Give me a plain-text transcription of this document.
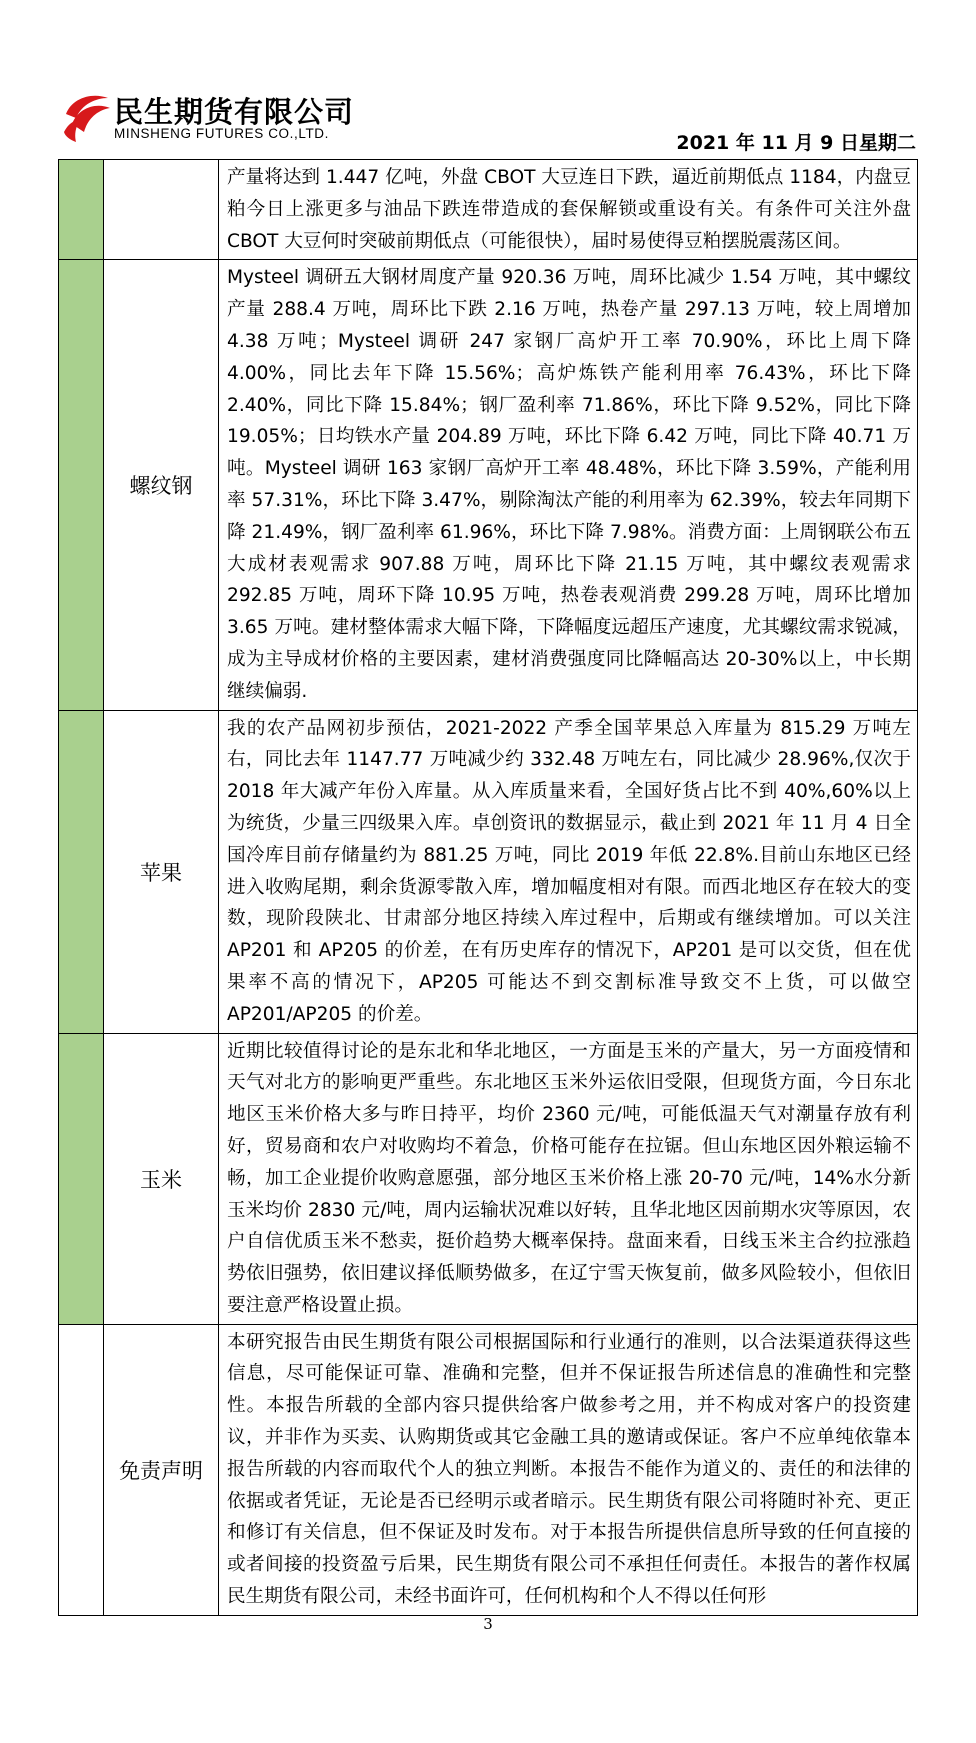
民生期货有限公司
MINSHENG FUTURES CO.,LTD.	2021 年 11 月 9 日星期二
		产量将达到 1.447 亿吨，外盘 CBOT 大豆连日下跌，逼近前期低点 1184，内盘豆粕今日上涨更多与油品下跌连带造成的套保解锁或重设有关。有条件可关注外盘 CBOT 大豆何时突破前期低点（可能很快），届时易使得豆粕摆脱震荡区间。
	螺纹钢	Mysteel 调研五大钢材周度产量 920.36 万吨，周环比减少 1.54 万吨，其中螺纹产量 288.4 万吨，周环比下跌 2.16 万吨，热卷产量 297.13 万吨，较上周增加 4.38 万吨；Mysteel 调研 247 家钢厂高炉开工率 70.90%，环比上周下降 4.00%，同比去年下降 15.56%；高炉炼铁产能利用率 76.43%，环比下降 2.40%，同比下降 15.84%；钢厂盈利率 71.86%，环比下降 9.52%，同比下降 19.05%；日均铁水产量 204.89 万吨，环比下降 6.42 万吨，同比下降 40.71 万吨。Mysteel 调研 163 家钢厂高炉开工率 48.48%，环比下降 3.59%，产能利用率 57.31%，环比下降 3.47%，剔除淘汰产能的利用率为 62.39%，较去年同期下降 21.49%，钢厂盈利率 61.96%，环比下降 7.98%。消费方面：上周钢联公布五大成材表观需求 907.88 万吨，周环比下降 21.15 万吨，其中螺纹表观需求 292.85 万吨，周环下降 10.95 万吨，热卷表观消费 299.28 万吨，周环比增加 3.65 万吨。建材整体需求大幅下降，下降幅度远超压产速度，尤其螺纹需求锐减，成为主导成材价格的主要因素，建材消费强度同比降幅高达 20-30%以上，中长期继续偏弱.
	苹果	我的农产品网初步预估，2021-2022 产季全国苹果总入库量为 815.29 万吨左右，同比去年 1147.77 万吨减少约 332.48 万吨左右，同比减少 28.96%,仅次于 2018 年大减产年份入库量。从入库质量来看，全国好货占比不到 40%,60%以上为统货，少量三四级果入库。卓创资讯的数据显示，截止到 2021 年 11 月 4 日全国冷库目前存储量约为 881.25 万吨，同比 2019 年低 22.8%.目前山东地区已经进入收购尾期，剩余货源零散入库，增加幅度相对有限。而西北地区存在较大的变数，现阶段陕北、甘肃部分地区持续入库过程中，后期或有继续增加。可以关注 AP201 和 AP205 的价差，在有历史库存的情况下，AP201 是可以交货，但在优果率不高的情况下，AP205 可能达不到交割标准导致交不上货，可以做空 AP201/AP205 的价差。
	玉米	近期比较值得讨论的是东北和华北地区，一方面是玉米的产量大，另一方面疫情和天气对北方的影响更严重些。东北地区玉米外运依旧受限，但现货方面，今日东北地区玉米价格大多与昨日持平，均价 2360 元/吨，可能低温天气对潮量存放有利好，贸易商和农户对收购均不着急，价格可能存在拉锯。但山东地区因外粮运输不畅，加工企业提价收购意愿强，部分地区玉米价格上涨 20-70 元/吨，14%水分新玉米均价 2830 元/吨，周内运输状况难以好转，且华北地区因前期水灾等原因，农户自信优质玉米不愁卖，挺价趋势大概率保持。盘面来看，日线玉米主合约拉涨趋势依旧强势，依旧建议择低顺势做多，在辽宁雪天恢复前，做多风险较小，但依旧要注意严格设置止损。
	免责声明	本研究报告由民生期货有限公司根据国际和行业通行的准则，以合法渠道获得这些信息，尽可能保证可靠、准确和完整，但并不保证报告所述信息的准确性和完整性。本报告所载的全部内容只提供给客户做参考之用，并不构成对客户的投资建议，并非作为买卖、认购期货或其它金融工具的邀请或保证。客户不应单纯依靠本报告所载的内容而取代个人的独立判断。本报告不能作为道义的、责任的和法律的依据或者凭证，无论是否已经明示或者暗示。民生期货有限公司将随时补充、更正和修订有关信息，但不保证及时发布。对于本报告所提供信息所导致的任何直接的或者间接的投资盈亏后果，民生期货有限公司不承担任何责任。本报告的著作权属民生期货有限公司，未经书面许可，任何机构和个人不得以任何形
3
